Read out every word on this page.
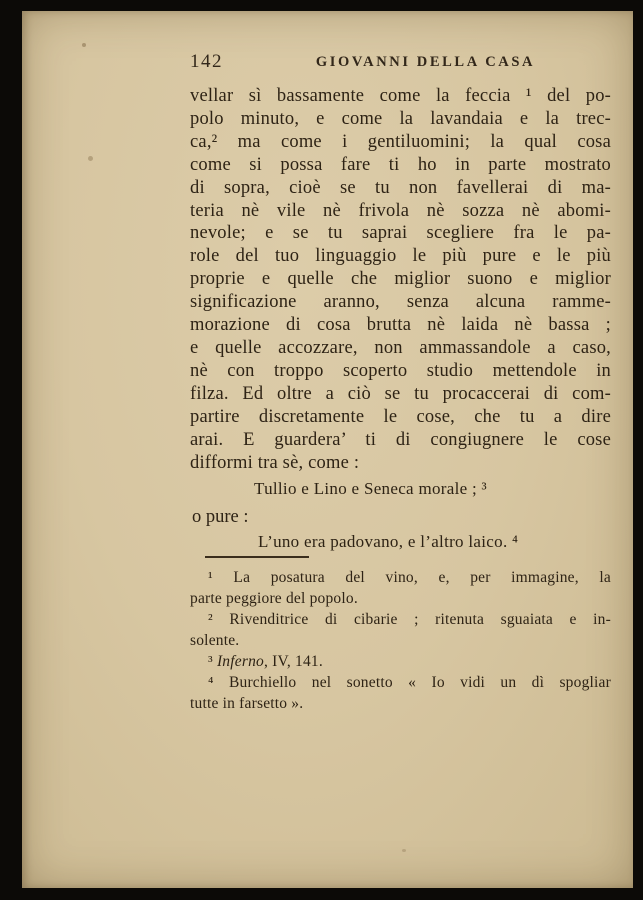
142	GIOVANNI DELLA CASA
vellar sì bassamente come la feccia ¹ del po-
polo minuto, e come la lavandaia e la trec-
ca,² ma come i gentiluomini; la qual cosa
come si possa fare ti ho in parte mostrato
di sopra, cioè se tu non favellerai di ma-
teria nè vile nè frivola nè sozza nè abomi-
nevole; e se tu saprai scegliere fra le pa-
role del tuo linguaggio le più pure e le più
proprie e quelle che miglior suono e miglior
significazione aranno, senza alcuna ramme-
morazione di cosa brutta nè laida nè bassa ;
e quelle accozzare, non ammassandole a caso,
nè con troppo scoperto studio mettendole in
filza. Ed oltre a ciò se tu procaccerai di com-
partire discretamente le cose, che tu a dire
arai. E guardera’ ti di congiugnere le cose
difformi tra sè, come :
Tullio e Lino e Seneca morale ; ³
o pure :
L’uno era padovano, e l’altro laico. ⁴
¹ La posatura del vino, e, per immagine, la
parte peggiore del popolo.
² Rivenditrice di cibarie ; ritenuta sguaiata e in-
solente.
³ Inferno, IV, 141.
⁴ Burchiello nel sonetto « Io vidi un dì spogliar
tutte in farsetto ».
